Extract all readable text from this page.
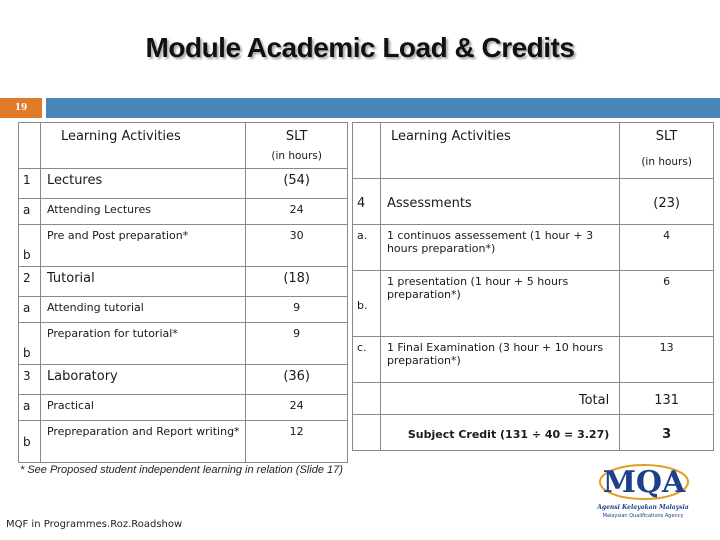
Module Academic Load & Credits
19
	Learning Activities	SLT
(in hours)

1	Lectures	(54)
a	Attending Lectures	24
b	Pre and Post preparation*	30
2	Tutorial	(18)
a	Attending tutorial	9
b	Preparation for tutorial*	9
3	Laboratory	(36)
a	Practical	24
b	Prepreparation and Report writing*	12
	Learning Activities	SLT
(in hours)

4	Assessments	(23)
a.	1 continuos assessement (1 hour + 3 hours preparation*)	4
b.	1 presentation (1 hour + 5 hours preparation*)	6
c.	1 Final Examination (3 hour + 10 hours preparation*)	13
	Total	131
	Subject Credit (131 ÷ 40 = 3.27)	3
* See Proposed student independent learning in relation (Slide 17)
MQF in Programmes.Roz.Roadshow
MQA
Agensi Kelayakan Malaysia
Malaysian Qualifications Agency
